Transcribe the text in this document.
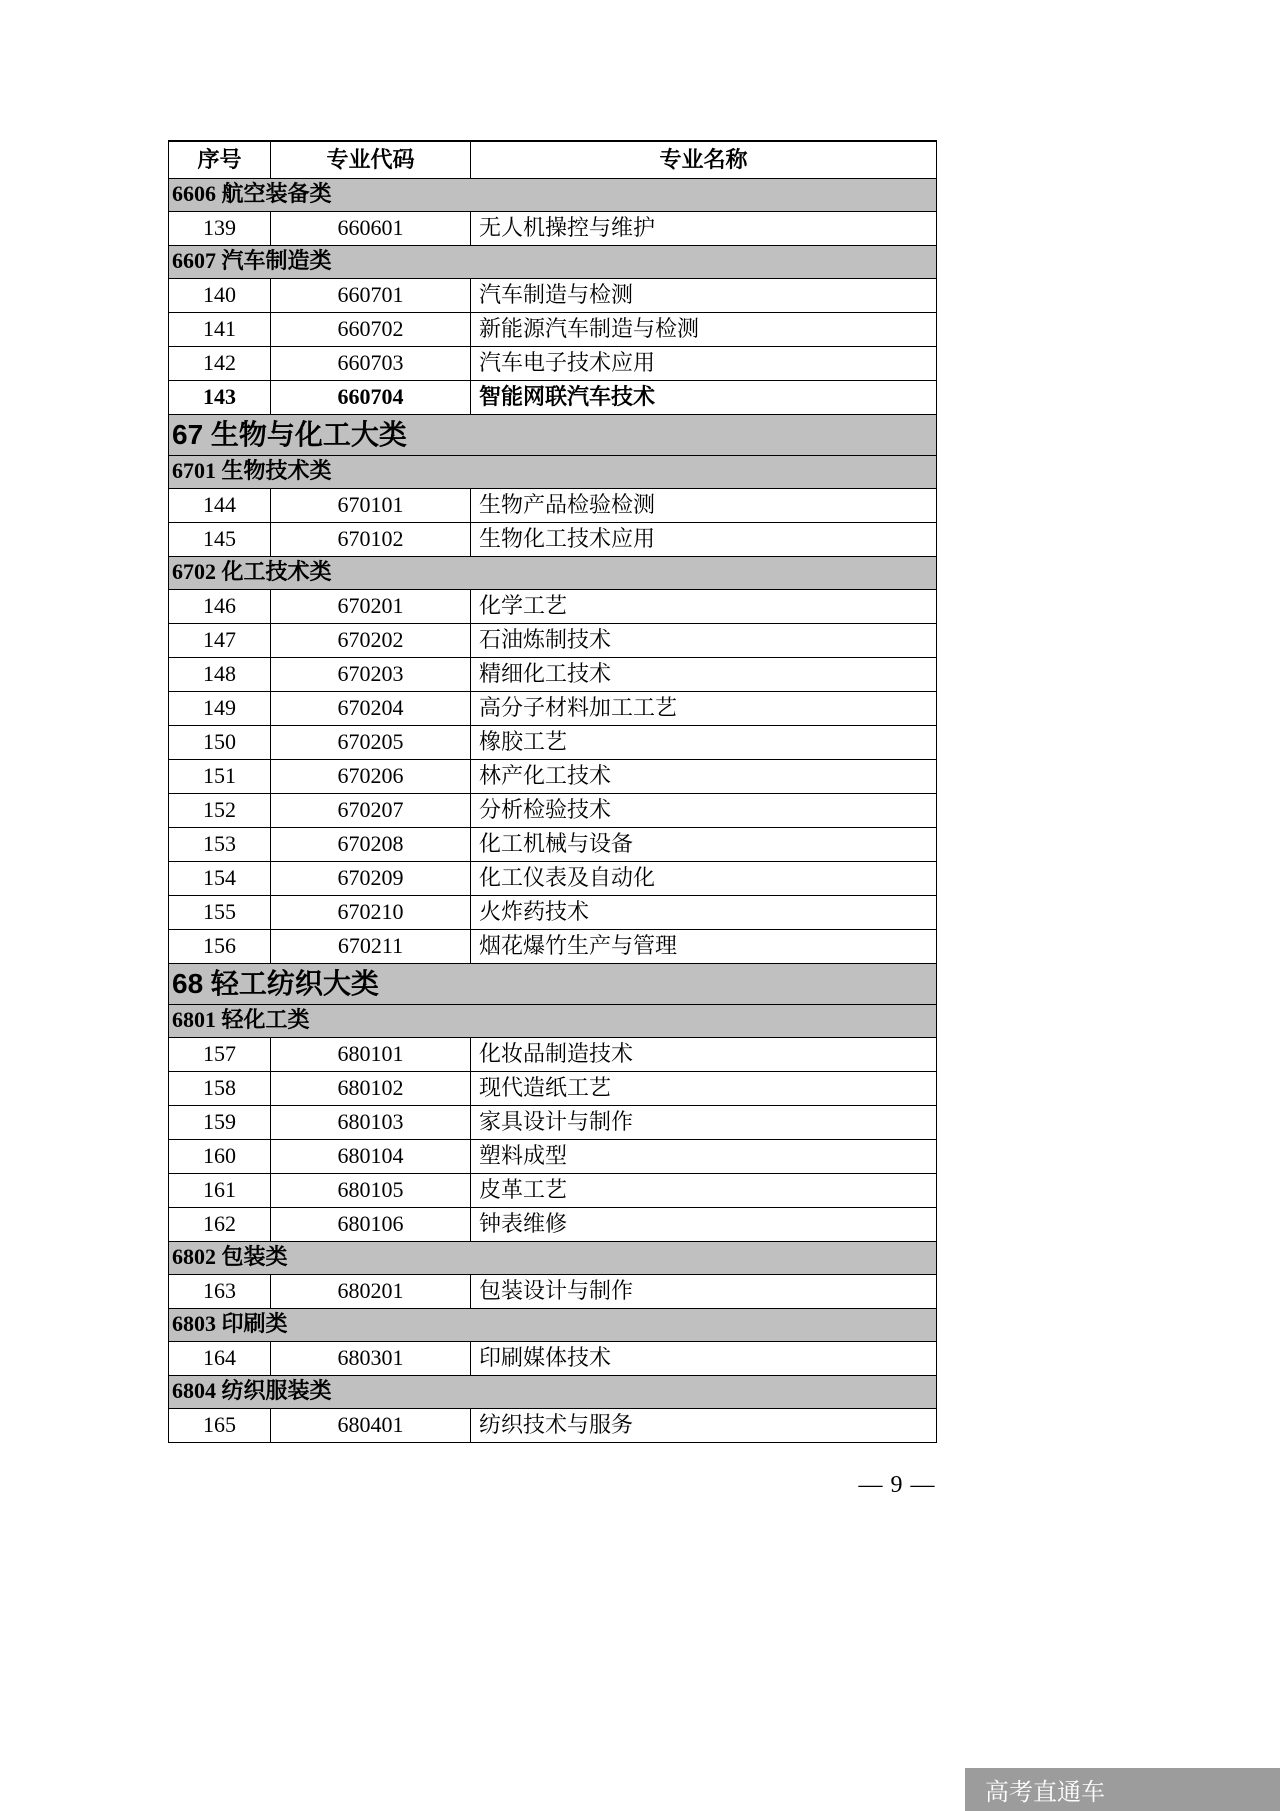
序号	专业代码	专业名称
6606 航空装备类		
139	660601	无人机操控与维护
6607 汽车制造类		
140	660701	汽车制造与检测
141	660702	新能源汽车制造与检测
142	660703	汽车电子技术应用
143	660704	智能网联汽车技术
67 生物与化工大类		
6701 生物技术类		
144	670101	生物产品检验检测
145	670102	生物化工技术应用
6702 化工技术类		
146	670201	化学工艺
147	670202	石油炼制技术
148	670203	精细化工技术
149	670204	高分子材料加工工艺
150	670205	橡胶工艺
151	670206	林产化工技术
152	670207	分析检验技术
153	670208	化工机械与设备
154	670209	化工仪表及自动化
155	670210	火炸药技术
156	670211	烟花爆竹生产与管理
68 轻工纺织大类		
6801 轻化工类		
157	680101	化妆品制造技术
158	680102	现代造纸工艺
159	680103	家具设计与制作
160	680104	塑料成型
161	680105	皮革工艺
162	680106	钟表维修
6802 包装类		
163	680201	包装设计与制作
6803 印刷类		
164	680301	印刷媒体技术
6804 纺织服装类		
165	680401	纺织技术与服务
— 9 —
高考直通车
